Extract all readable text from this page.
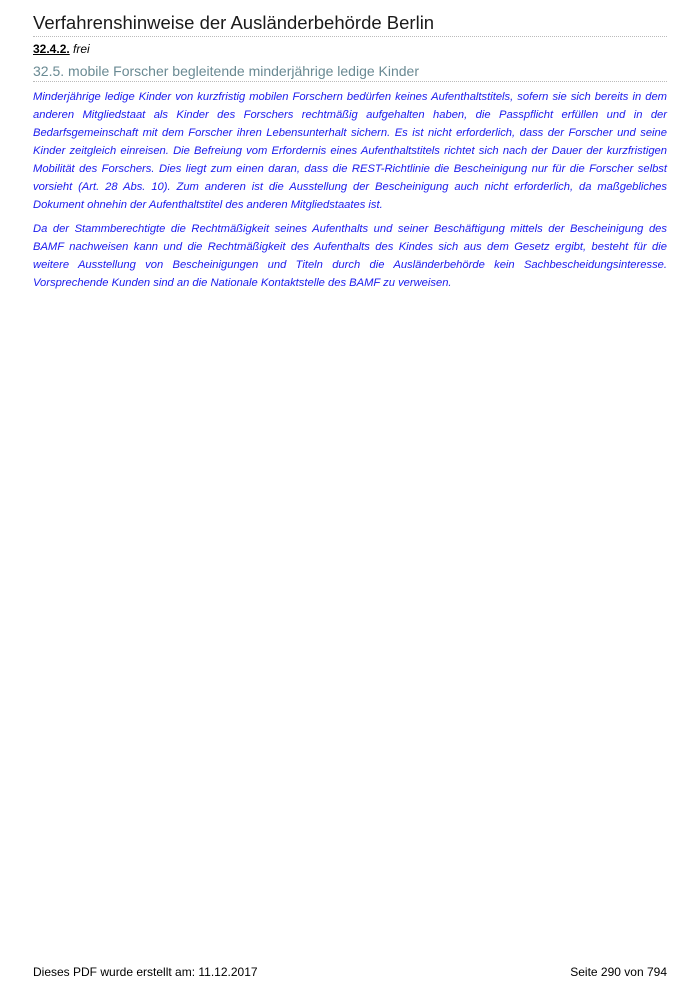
Verfahrenshinweise der Ausländerbehörde Berlin
32.4.2. frei
32.5. mobile Forscher begleitende minderjährige ledige Kinder

Minderjährige ledige Kinder von kurzfristig mobilen Forschern bedürfen keines Aufenthaltstitels, sofern sie sich bereits in dem anderen Mitgliedstaat als Kinder des Forschers rechtmäßig aufgehalten haben, die Passpflicht erfüllen und in der Bedarfsgemeinschaft mit dem Forscher ihren Lebensunterhalt sichern. Es ist nicht erforderlich, dass der Forscher und seine Kinder zeitgleich einreisen. Die Befreiung vom Erfordernis eines Aufenthaltstitels richtet sich nach der Dauer der kurzfristigen Mobilität des Forschers. Dies liegt zum einen daran, dass die REST-Richtlinie die Bescheinigung nur für die Forscher selbst vorsieht (Art. 28 Abs. 10). Zum anderen ist die Ausstellung der Bescheinigung auch nicht erforderlich, da maßgebliches Dokument ohnehin der Aufenthaltstitel des anderen Mitgliedstaates ist.

Da der Stammberechtigte die Rechtmäßigkeit seines Aufenthalts und seiner Beschäftigung mittels der Bescheinigung des BAMF nachweisen kann und die Rechtmäßigkeit des Aufenthalts des Kindes sich aus dem Gesetz ergibt, besteht für die weitere Ausstellung von Bescheinigungen und Titeln durch die Ausländerbehörde kein Sachbescheidungsinteresse. Vorsprechende Kunden sind an die Nationale Kontaktstelle des BAMF zu verweisen.

Dieses PDF wurde erstellt am: 11.12.2017	Seite 290 von 794
